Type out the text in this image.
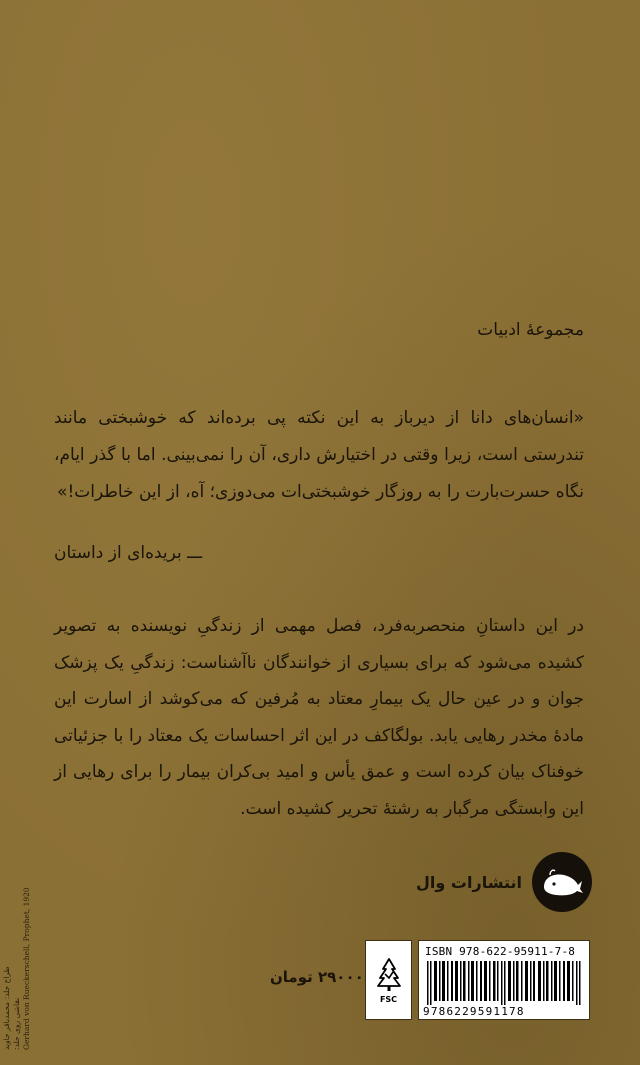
مجموعهٔ ادبیات
«انسان‌های دانا از دیرباز به این نکته پی برده‌اند که خوشبختی مانند تندرستی است، زیرا وقتی در اختیارش داری، آن را نمی‌بینی. اما با گذر ایام، نگاه حسرت‌بارت را به روزگار خوشبختی‌ات می‌دوزی؛ آه، از این خاطرات!»
ـــ بریده‌ای از داستان
در این داستانِ منحصربه‌فرد، فصل مهمی از زندگیِ نویسنده به تصویر کشیده می‌شود که برای بسیاری از خوانندگان ناآشناست: زندگیِ یک پزشک جوان و در عین حال یک بیمارِ معتاد به مُرفین که می‌کوشد از اسارت این مادهٔ مخدر رهایی یابد. بولگاکف در این اثر احساسات یک معتاد را با جزئیاتی خوفناک بیان کرده است و عمق یأس و امید بی‌کران بیمار را برای رهایی از این وابستگی مرگبار به رشتهٔ تحریر کشیده است.
انتشارات وال
ISBN 978-622-95911-7-8
9786229591178
FSC
۲۹۰۰۰ تومان
طراح جلد: محمدباقر جاوید نقاشی روی جلد: Gerhard von Rueckerschell, Prophet, 1920
